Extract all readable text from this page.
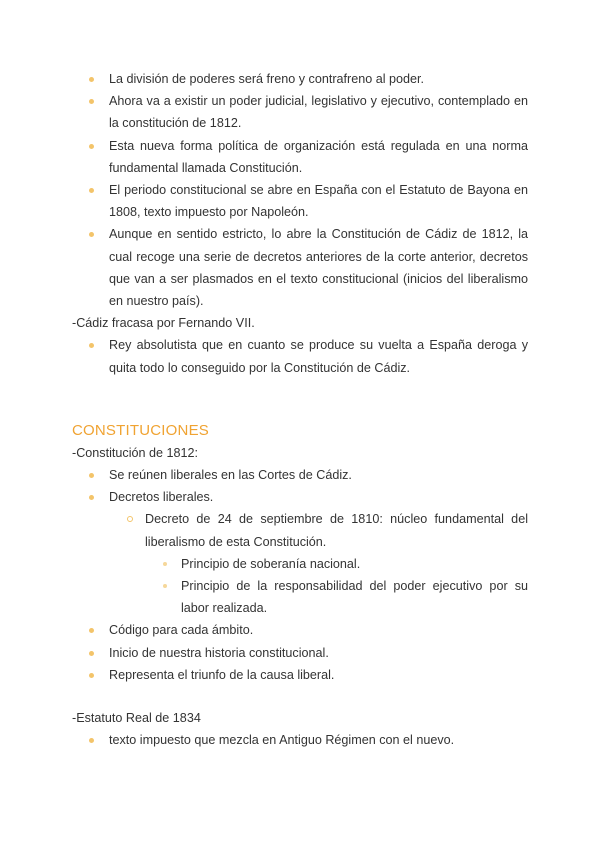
La división de poderes será freno y contrafreno al poder.
Ahora va a existir un poder judicial, legislativo y ejecutivo, contemplado en la constitución de 1812.
Esta nueva forma política de organización está regulada en una norma fundamental llamada Constitución.
El periodo constitucional se abre en España con el Estatuto de Bayona en 1808, texto impuesto por Napoleón.
Aunque en sentido estricto, lo abre la Constitución de Cádiz de 1812, la cual recoge una serie de decretos anteriores de la corte anterior, decretos que van a ser plasmados en el texto constitucional (inicios del liberalismo en nuestro país).
-Cádiz fracasa por Fernando VII.
Rey absolutista que en cuanto se produce su vuelta a España deroga y quita todo lo conseguido por la Constitución de Cádiz.
CONSTITUCIONES
-Constitución de 1812:
Se reúnen liberales en las Cortes de Cádiz.
Decretos liberales.
Decreto de 24 de septiembre de 1810: núcleo fundamental del liberalismo de esta Constitución.
Principio de soberanía nacional.
Principio de la responsabilidad del poder ejecutivo por su labor realizada.
Código para cada ámbito.
Inicio de nuestra historia constitucional.
Representa el triunfo de la causa liberal.
-Estatuto Real de 1834
texto impuesto que mezcla en Antiguo Régimen con el nuevo.
